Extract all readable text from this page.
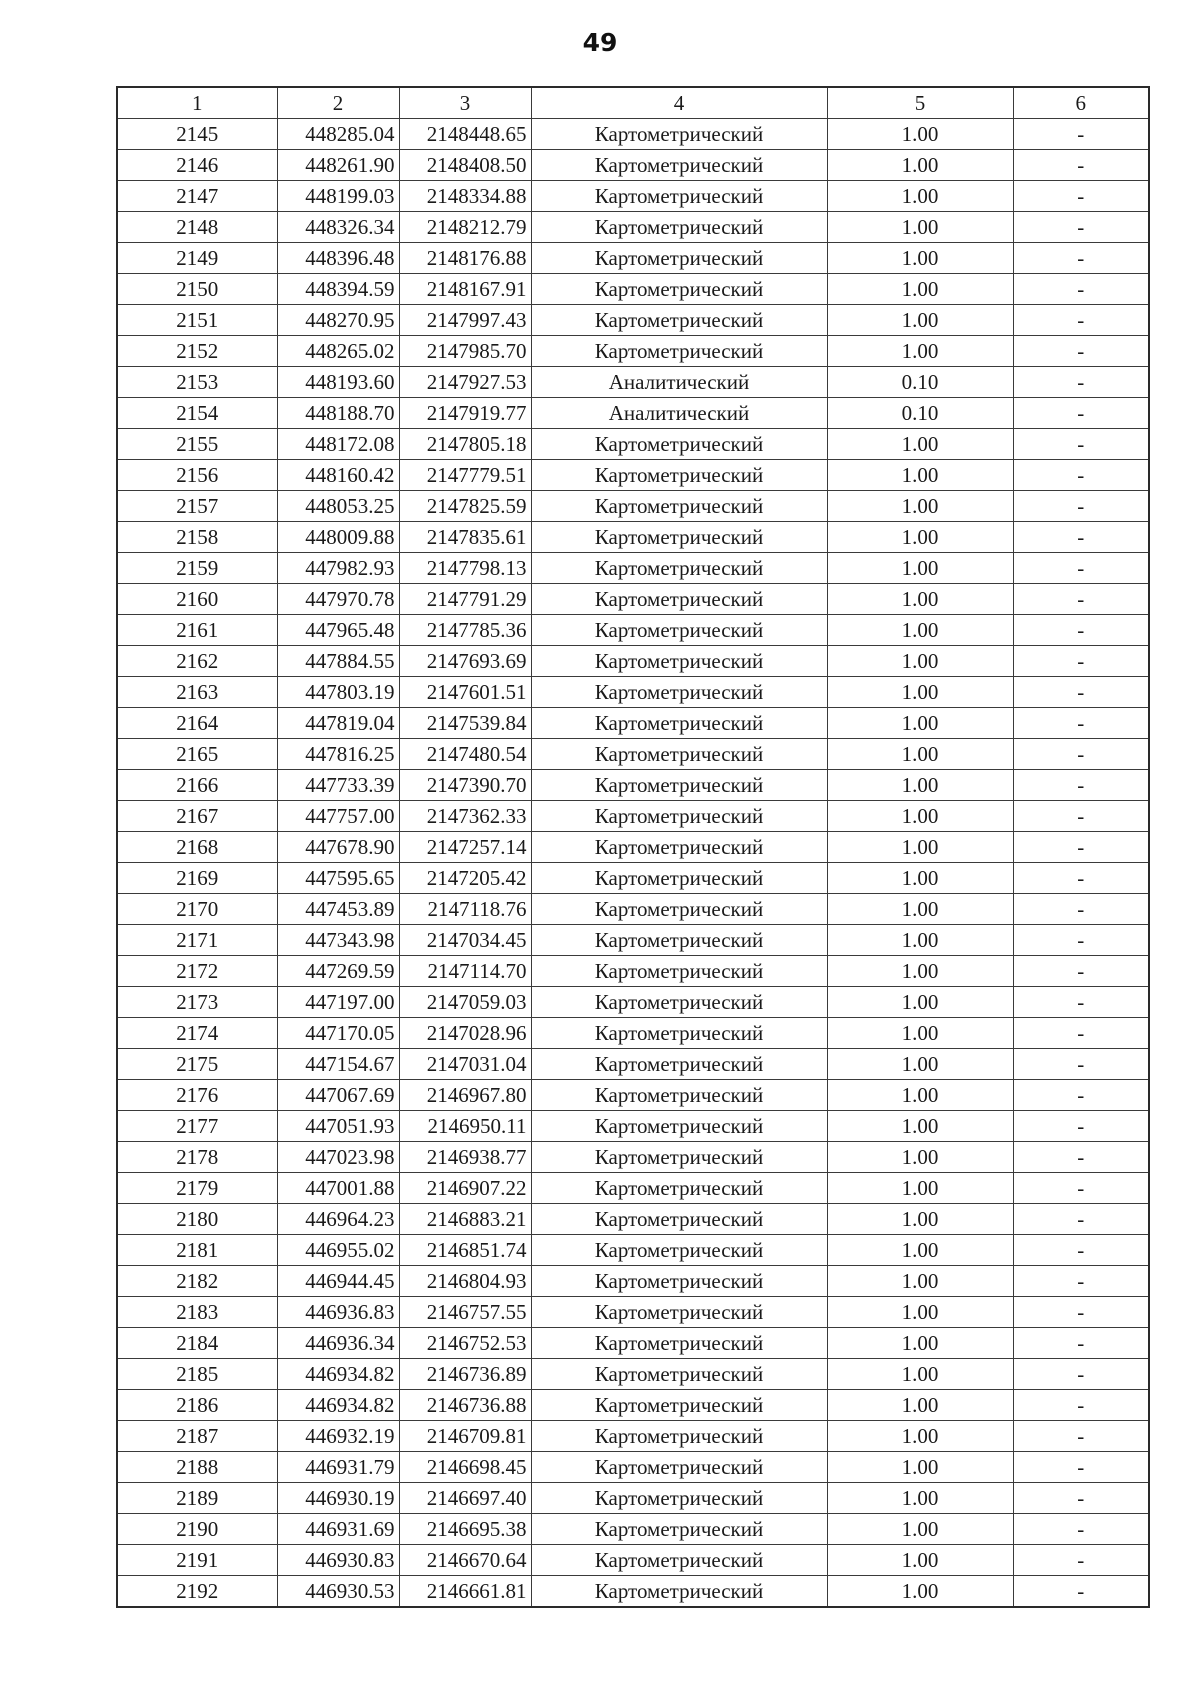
49
1	2	3	4	5	6
2145	448285.04	2148448.65	Картометрический	1.00	-
2146	448261.90	2148408.50	Картометрический	1.00	-
2147	448199.03	2148334.88	Картометрический	1.00	-
2148	448326.34	2148212.79	Картометрический	1.00	-
2149	448396.48	2148176.88	Картометрический	1.00	-
2150	448394.59	2148167.91	Картометрический	1.00	-
2151	448270.95	2147997.43	Картометрический	1.00	-
2152	448265.02	2147985.70	Картометрический	1.00	-
2153	448193.60	2147927.53	Аналитический	0.10	-
2154	448188.70	2147919.77	Аналитический	0.10	-
2155	448172.08	2147805.18	Картометрический	1.00	-
2156	448160.42	2147779.51	Картометрический	1.00	-
2157	448053.25	2147825.59	Картометрический	1.00	-
2158	448009.88	2147835.61	Картометрический	1.00	-
2159	447982.93	2147798.13	Картометрический	1.00	-
2160	447970.78	2147791.29	Картометрический	1.00	-
2161	447965.48	2147785.36	Картометрический	1.00	-
2162	447884.55	2147693.69	Картометрический	1.00	-
2163	447803.19	2147601.51	Картометрический	1.00	-
2164	447819.04	2147539.84	Картометрический	1.00	-
2165	447816.25	2147480.54	Картометрический	1.00	-
2166	447733.39	2147390.70	Картометрический	1.00	-
2167	447757.00	2147362.33	Картометрический	1.00	-
2168	447678.90	2147257.14	Картометрический	1.00	-
2169	447595.65	2147205.42	Картометрический	1.00	-
2170	447453.89	2147118.76	Картометрический	1.00	-
2171	447343.98	2147034.45	Картометрический	1.00	-
2172	447269.59	2147114.70	Картометрический	1.00	-
2173	447197.00	2147059.03	Картометрический	1.00	-
2174	447170.05	2147028.96	Картометрический	1.00	-
2175	447154.67	2147031.04	Картометрический	1.00	-
2176	447067.69	2146967.80	Картометрический	1.00	-
2177	447051.93	2146950.11	Картометрический	1.00	-
2178	447023.98	2146938.77	Картометрический	1.00	-
2179	447001.88	2146907.22	Картометрический	1.00	-
2180	446964.23	2146883.21	Картометрический	1.00	-
2181	446955.02	2146851.74	Картометрический	1.00	-
2182	446944.45	2146804.93	Картометрический	1.00	-
2183	446936.83	2146757.55	Картометрический	1.00	-
2184	446936.34	2146752.53	Картометрический	1.00	-
2185	446934.82	2146736.89	Картометрический	1.00	-
2186	446934.82	2146736.88	Картометрический	1.00	-
2187	446932.19	2146709.81	Картометрический	1.00	-
2188	446931.79	2146698.45	Картометрический	1.00	-
2189	446930.19	2146697.40	Картометрический	1.00	-
2190	446931.69	2146695.38	Картометрический	1.00	-
2191	446930.83	2146670.64	Картометрический	1.00	-
2192	446930.53	2146661.81	Картометрический	1.00	-
